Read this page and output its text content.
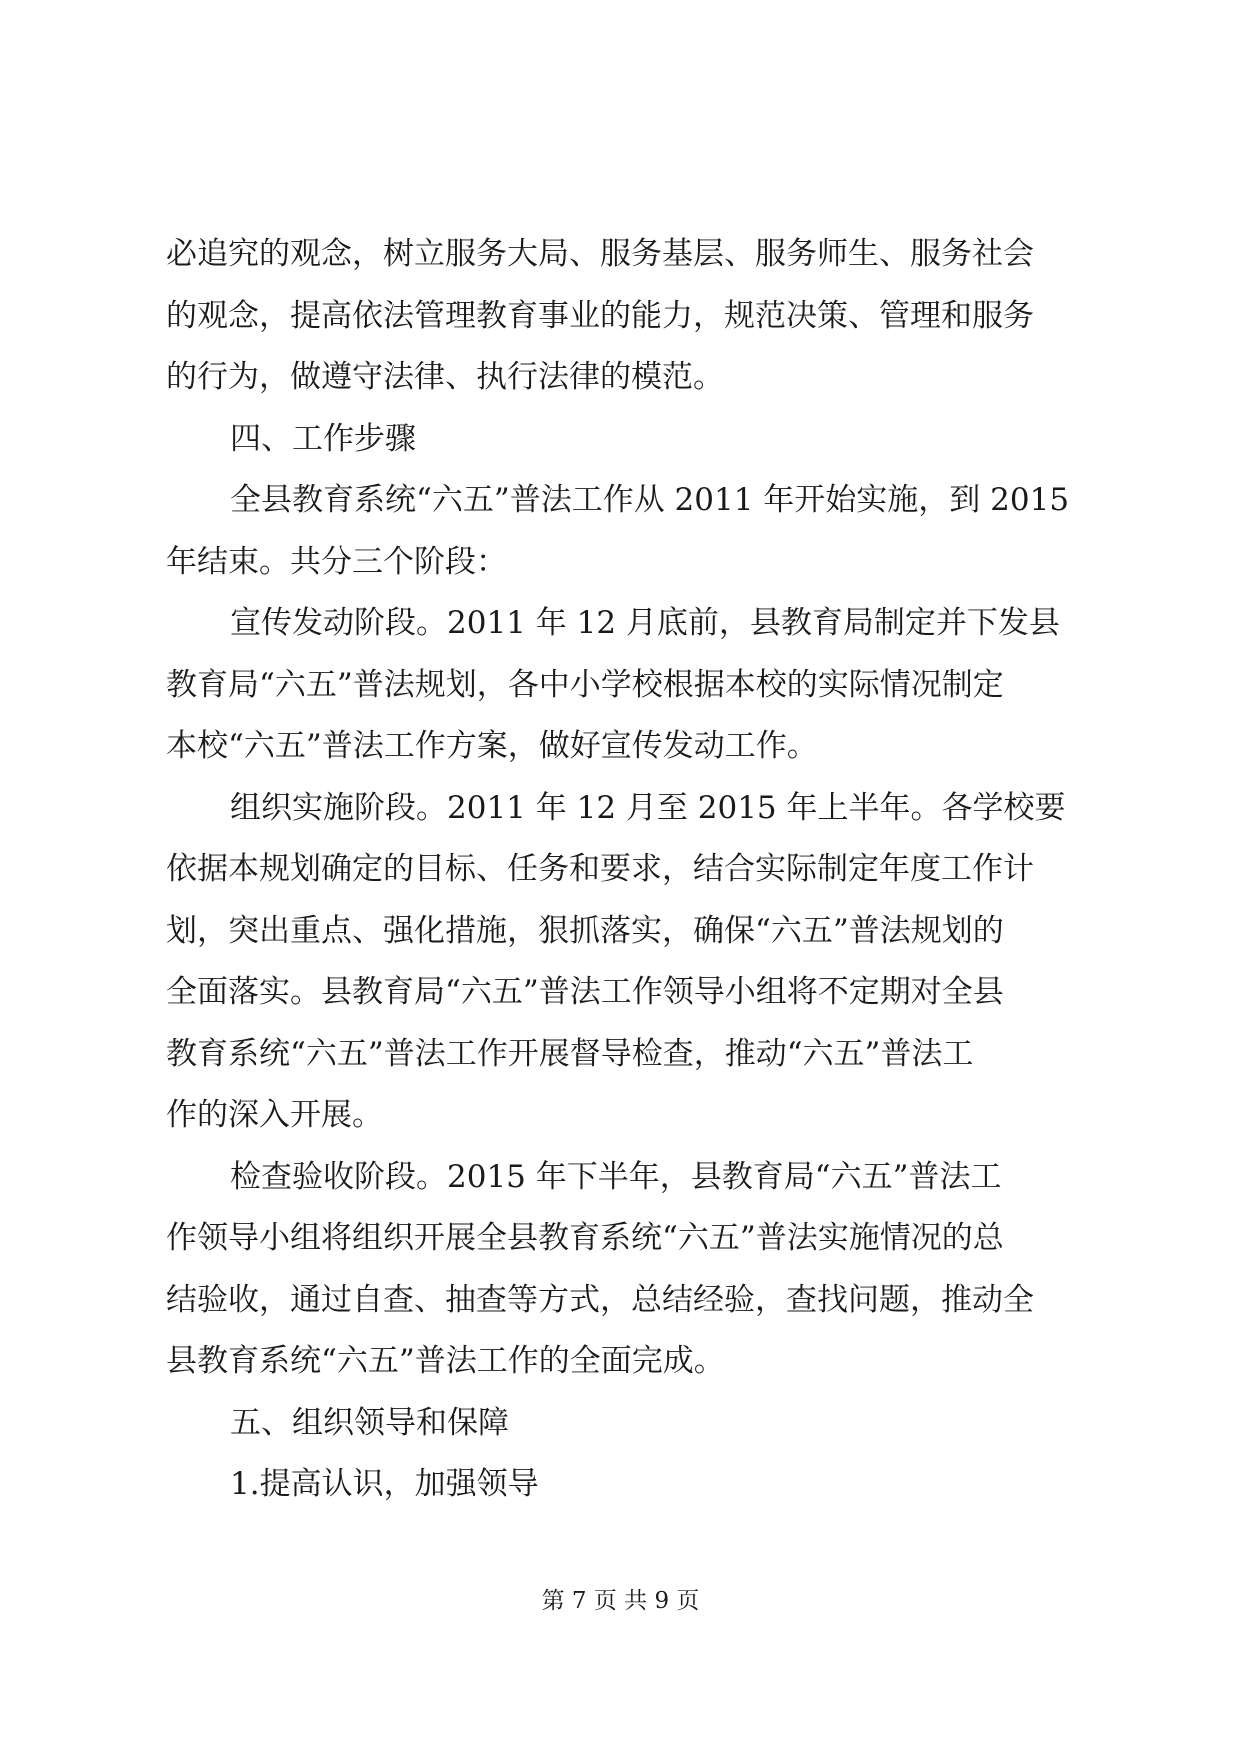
必追究的观念，树立服务大局、服务基层、服务师生、服务社会
的观念，提高依法管理教育事业的能力，规范决策、管理和服务
的行为，做遵守法律、执行法律的模范。
四、工作步骤
全县教育系统“六五”普法工作从 2011 年开始实施，到 2015
年结束。共分三个阶段：
宣传发动阶段。2011 年 12 月底前，县教育局制定并下发县
教育局“六五”普法规划，各中小学校根据本校的实际情况制定
本校“六五”普法工作方案，做好宣传发动工作。
组织实施阶段。2011 年 12 月至 2015 年上半年。各学校要
依据本规划确定的目标、任务和要求，结合实际制定年度工作计
划，突出重点、强化措施，狠抓落实，确保“六五”普法规划的
全面落实。县教育局“六五”普法工作领导小组将不定期对全县
教育系统“六五”普法工作开展督导检查，推动“六五”普法工
作的深入开展。
检查验收阶段。2015 年下半年，县教育局“六五”普法工
作领导小组将组织开展全县教育系统“六五”普法实施情况的总
结验收，通过自查、抽查等方式，总结经验，查找问题，推动全
县教育系统“六五”普法工作的全面完成。
五、组织领导和保障
1.提高认识，加强领导
第 7 页 共 9 页
